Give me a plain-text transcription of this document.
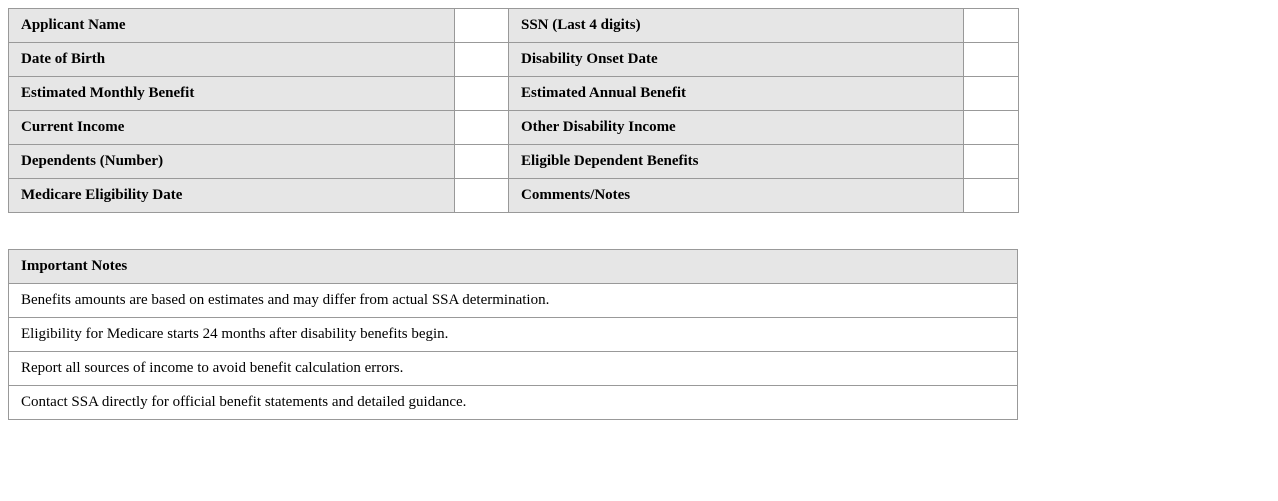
Applicant Name		SSN (Last 4 digits)	
Date of Birth		Disability Onset Date	
Estimated Monthly Benefit		Estimated Annual Benefit	
Current Income		Other Disability Income	
Dependents (Number)		Eligible Dependent Benefits	
Medicare Eligibility Date		Comments/Notes	
Important Notes
Benefits amounts are based on estimates and may differ from actual SSA determination.
Eligibility for Medicare starts 24 months after disability benefits begin.
Report all sources of income to avoid benefit calculation errors.
Contact SSA directly for official benefit statements and detailed guidance.
